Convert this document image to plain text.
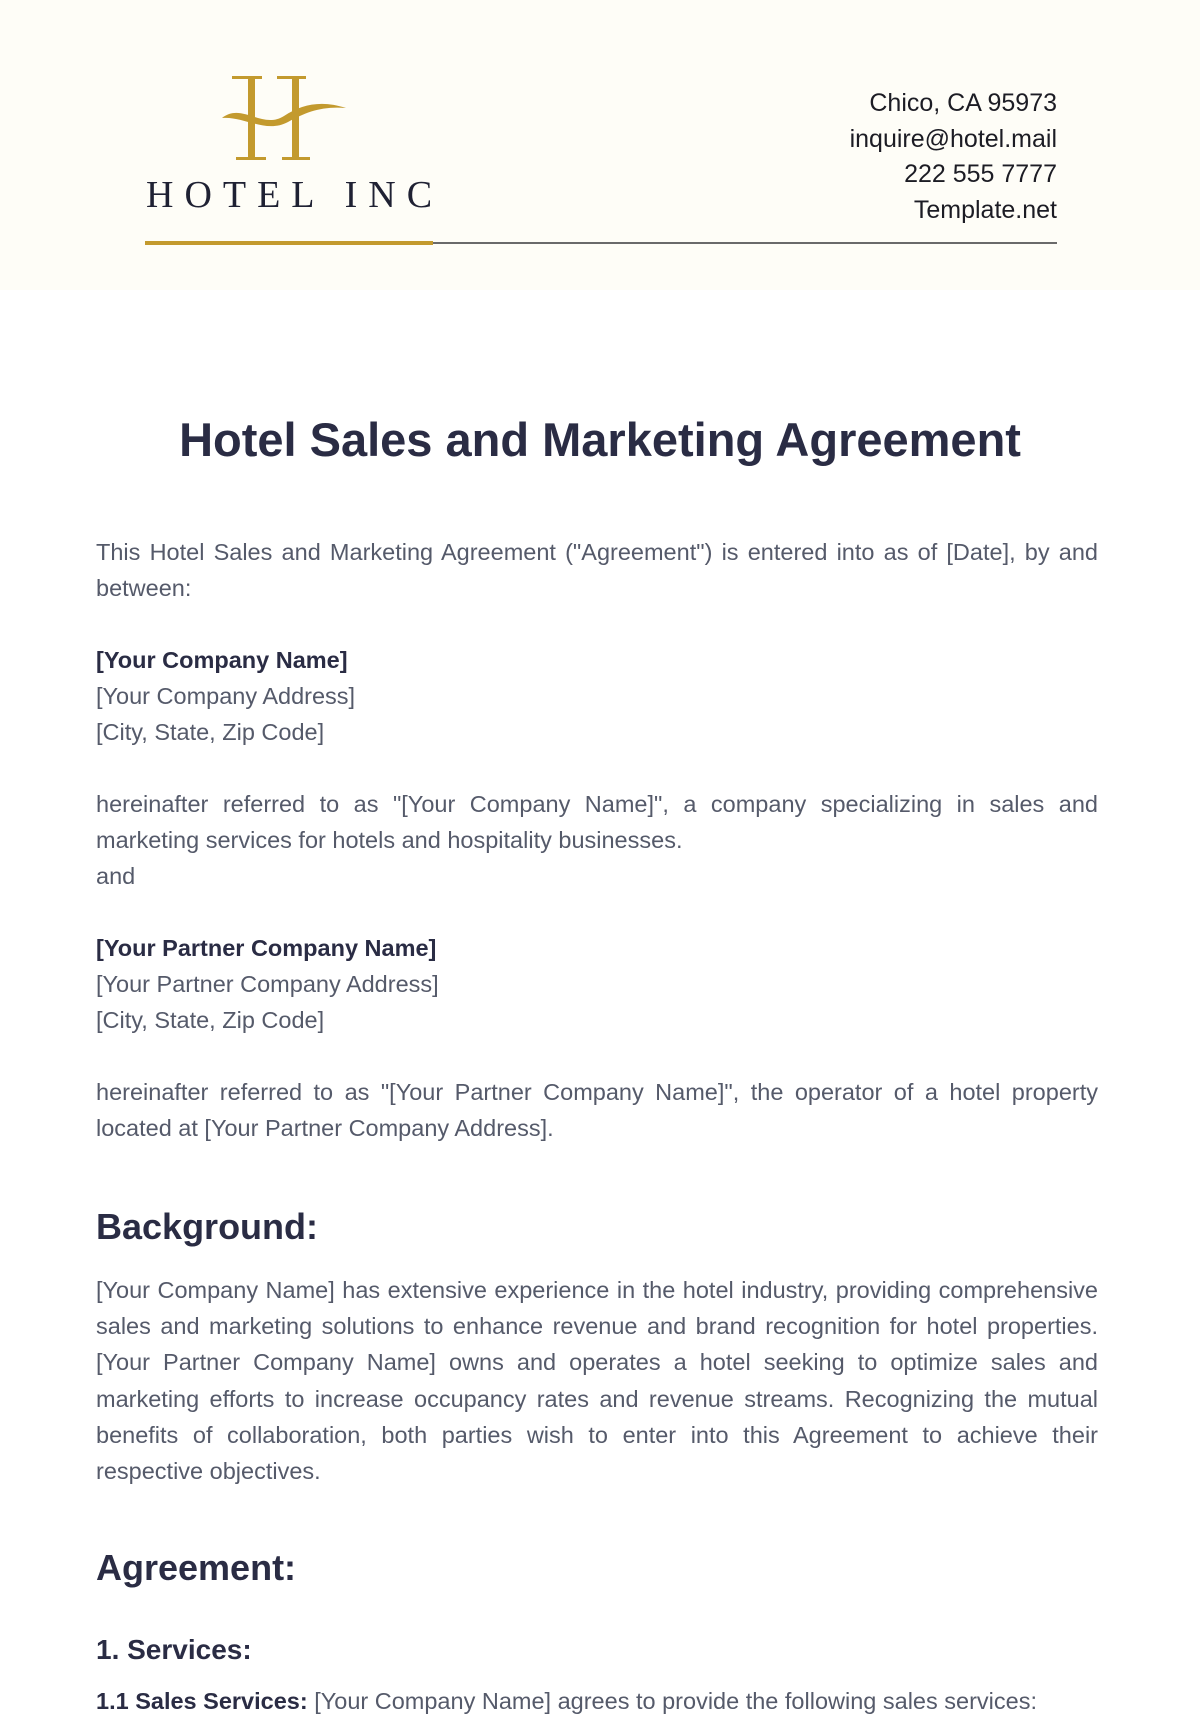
HOTEL INC
Chico, CA 95973
inquire@hotel.mail
222 555 7777
Template.net
Hotel Sales and Marketing Agreement
This Hotel Sales and Marketing Agreement ("Agreement") is entered into as of [Date], by and between:
[Your Company Name]
[Your Company Address]
[City, State, Zip Code]
hereinafter referred to as "[Your Company Name]", a company specializing in sales and marketing services for hotels and hospitality businesses.
and
[Your Partner Company Name]
[Your Partner Company Address]
[City, State, Zip Code]
hereinafter referred to as "[Your Partner Company Name]", the operator of a hotel property located at [Your Partner Company Address].
Background:
[Your Company Name] has extensive experience in the hotel industry, providing comprehensive sales and marketing solutions to enhance revenue and brand recognition for hotel properties. [Your Partner Company Name] owns and operates a hotel seeking to optimize sales and marketing efforts to increase occupancy rates and revenue streams. Recognizing the mutual benefits of collaboration, both parties wish to enter into this Agreement to achieve their respective objectives.
Agreement:
1. Services:
1.1 Sales Services: [Your Company Name] agrees to provide the following sales services:
